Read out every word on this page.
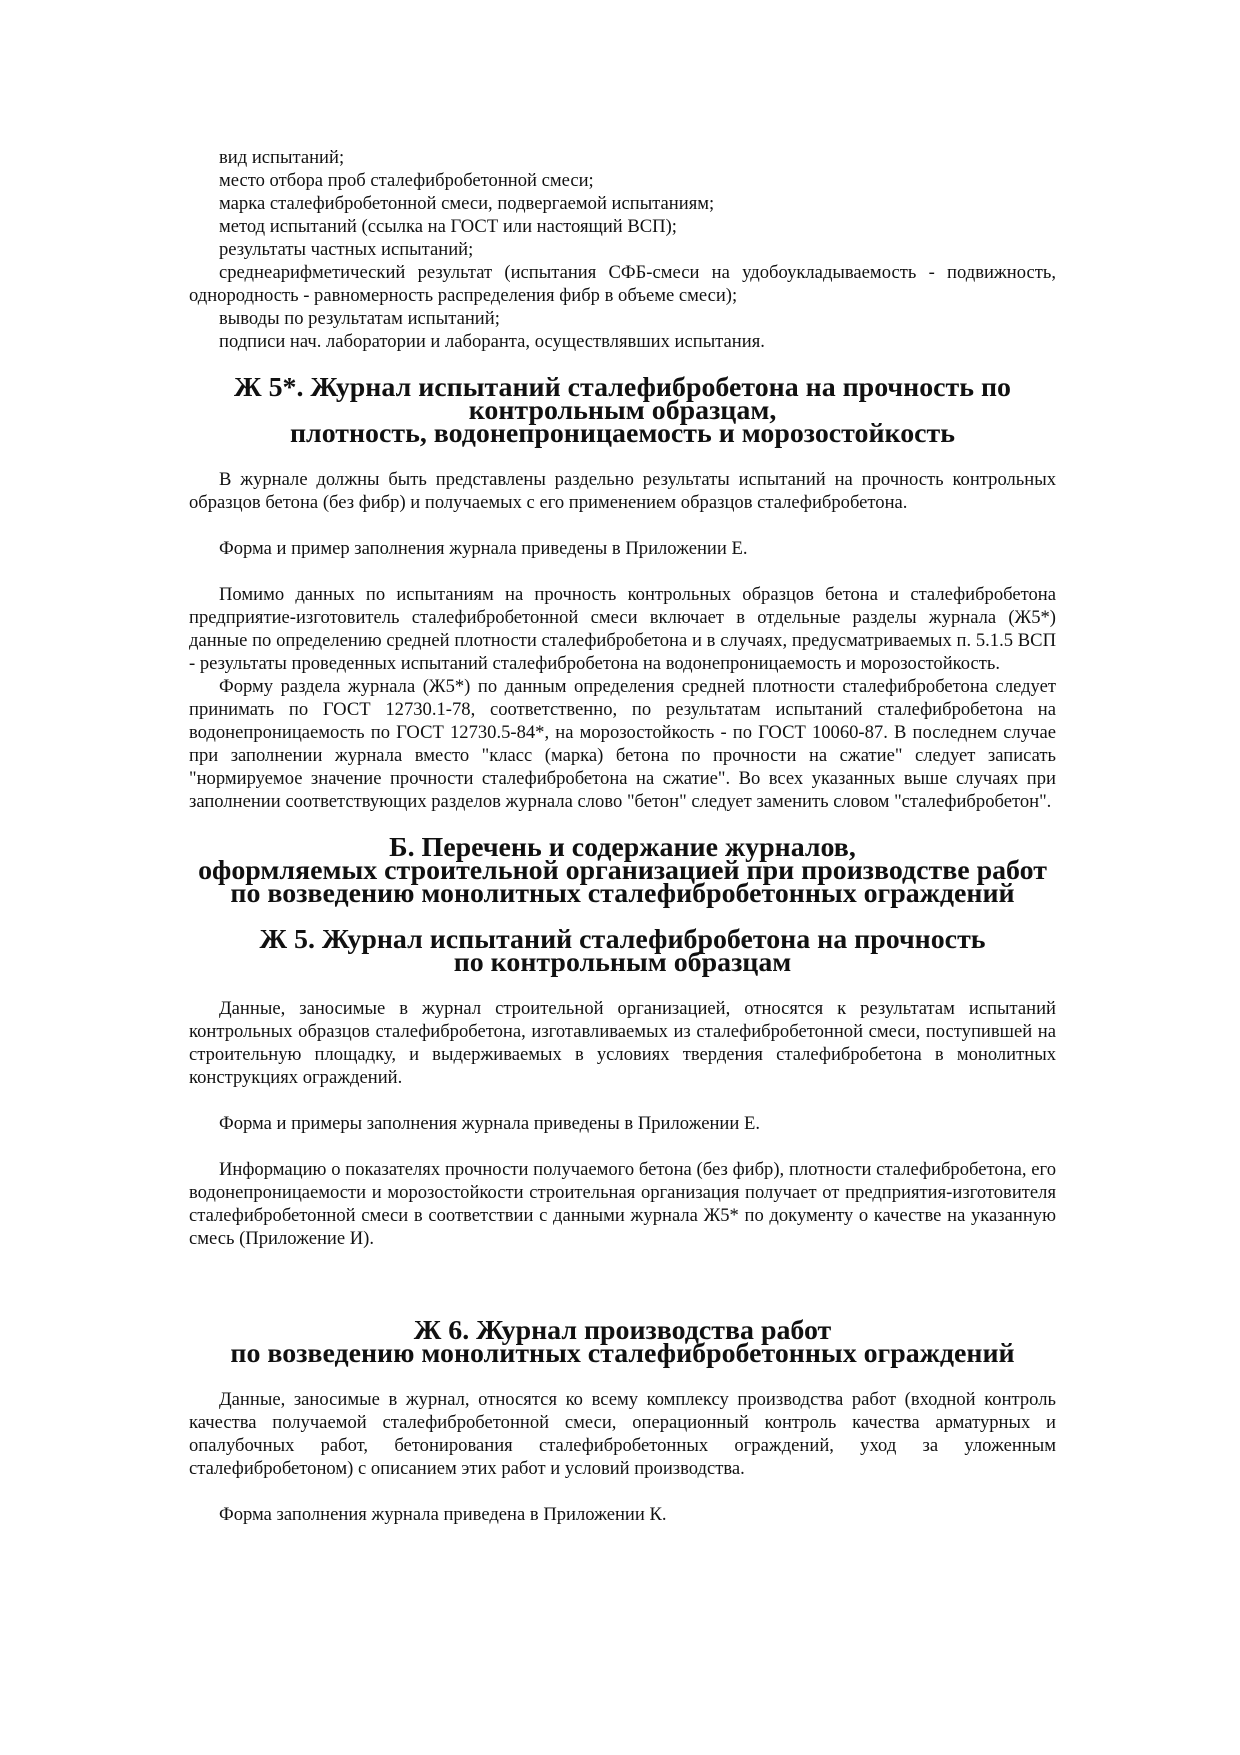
вид испытаний;

место отбора проб сталефибробетонной смеси;

марка сталефибробетонной смеси, подвергаемой испытаниям;

метод испытаний (ссылка на ГОСТ или настоящий ВСП);

результаты частных испытаний;

среднеарифметический результат (испытания СФБ-смеси на удобоукладываемость - подвижность, однородность - равномерность распределения фибр в объеме смеси);

выводы по результатам испытаний;

подписи нач. лаборатории и лаборанта, осуществлявших испытания.

Ж 5*. Журнал испытаний сталефибробетона на прочность по контрольным образцам,
плотность, водонепроницаемость и морозостойкость

В журнале должны быть представлены раздельно результаты испытаний на прочность контрольных образцов бетона (без фибр) и получаемых с его применением образцов сталефибробетона.

Форма и пример заполнения журнала приведены в Приложении Е.

Помимо данных по испытаниям на прочность контрольных образцов бетона и сталефибробетона предприятие-изготовитель сталефибробетонной смеси включает в отдельные разделы журнала (Ж5*) данные по определению средней плотности сталефибробетона и в случаях, предусматриваемых п. 5.1.5 ВСП - результаты проведенных испытаний сталефибробетона на водонепроницаемость и морозостойкость.

Форму раздела журнала (Ж5*) по данным определения средней плотности сталефибробетона следует принимать по ГОСТ 12730.1-78, соответственно, по результатам испытаний сталефибробетона на водонепроницаемость по ГОСТ 12730.5-84*, на морозостойкость - по ГОСТ 10060-87. В последнем случае при заполнении журнала вместо "класс (марка) бетона по прочности на сжатие" следует записать "нормируемое значение прочности сталефибробетона на сжатие". Во всех указанных выше случаях при заполнении соответствующих разделов журнала слово "бетон" следует заменить словом "сталефибробетон".

Б. Перечень и содержание журналов,
оформляемых строительной организацией при производстве работ
по возведению монолитных сталефибробетонных ограждений
Ж 5. Журнал испытаний сталефибробетона на прочность
по контрольным образцам

Данные, заносимые в журнал строительной организацией, относятся к результатам испытаний контрольных образцов сталефибробетона, изготавливаемых из сталефибробетонной смеси, поступившей на строительную площадку, и выдерживаемых в условиях твердения сталефибробетона в монолитных конструкциях ограждений.

Форма и примеры заполнения журнала приведены в Приложении Е.

Информацию о показателях прочности получаемого бетона (без фибр), плотности сталефибробетона, его водонепроницаемости и морозостойкости строительная организация получает от предприятия-изготовителя сталефибробетонной смеси в соответствии с данными журнала Ж5* по документу о качестве на указанную смесь (Приложение И).

Ж 6. Журнал производства работ
по возведению монолитных сталефибробетонных ограждений

Данные, заносимые в журнал, относятся ко всему комплексу производства работ (входной контроль качества получаемой сталефибробетонной смеси, операционный контроль качества арматурных и опалубочных работ, бетонирования сталефибробетонных ограждений, уход за уложенным сталефибробетоном) с описанием этих работ и условий производства.

Форма заполнения журнала приведена в Приложении К.
